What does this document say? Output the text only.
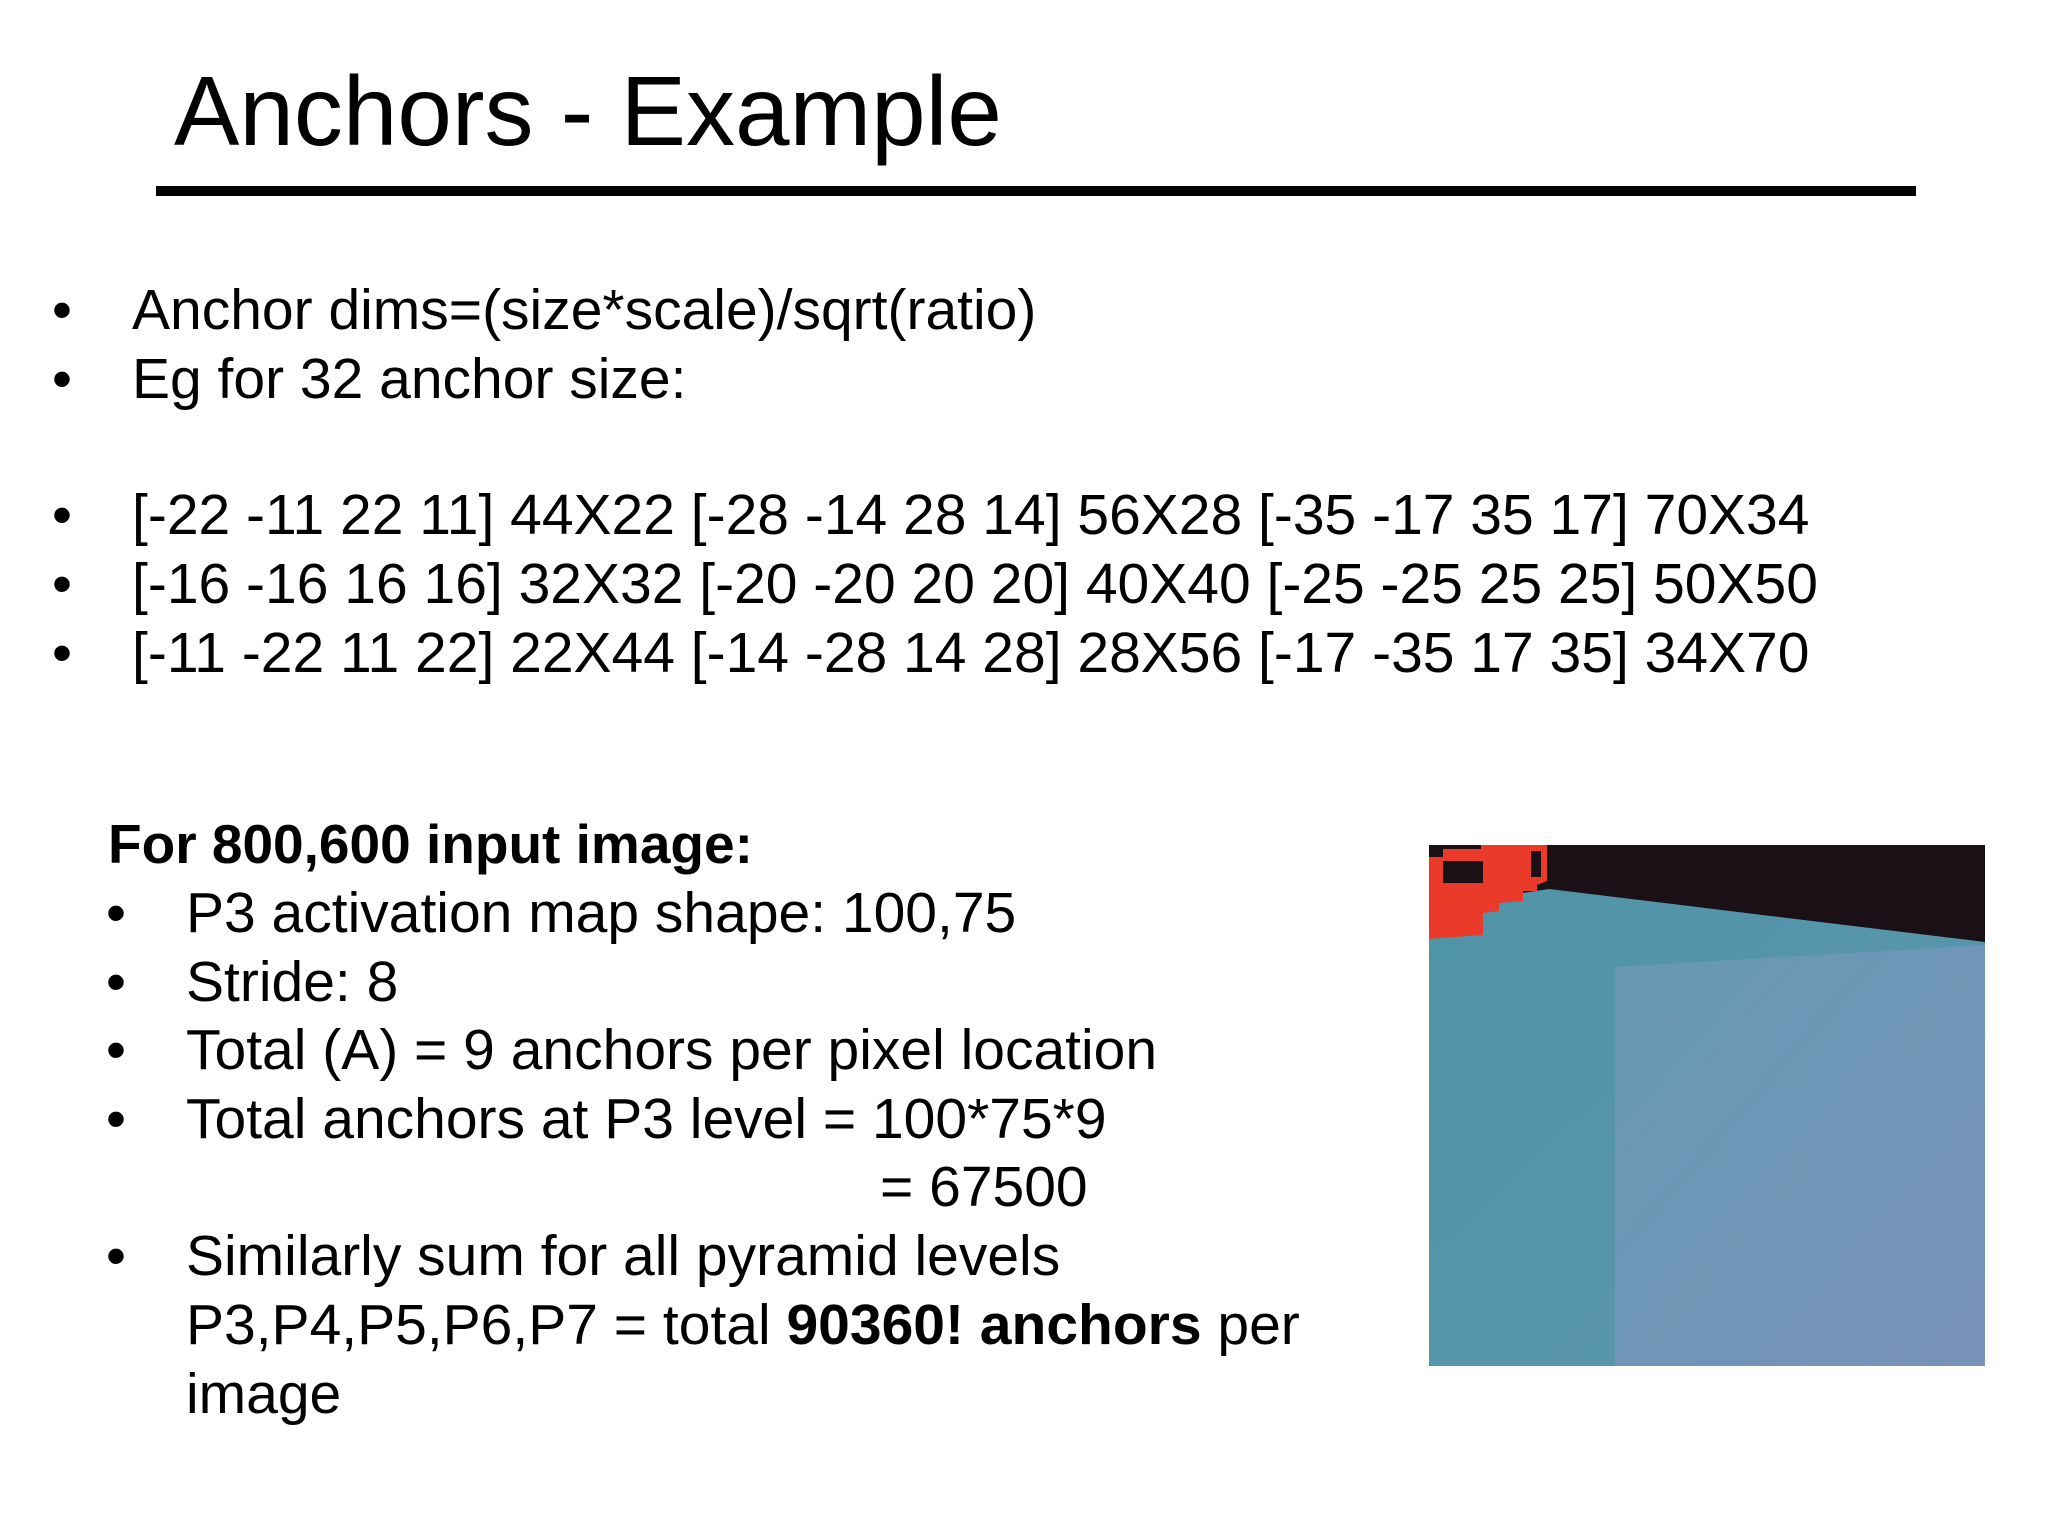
Anchors - Example
• Anchor dims=(size*scale)/sqrt(ratio)
• Eg for 32 anchor size:
• [-22 -11 22 11] 44X22 [-28 -14 28 14] 56X28 [-35 -17 35 17] 70X34
• [-16 -16 16 16] 32X32 [-20 -20 20 20] 40X40 [-25 -25 25 25] 50X50
• [-11 -22 11 22] 22X44 [-14 -28 14 28] 28X56 [-17 -35 17 35] 34X70
For 800,600 input image:
• P3 activation map shape: 100,75
• Stride: 8
• Total (A) = 9 anchors per pixel location
• Total anchors at P3 level = 100*75*9
= 67500
• Similarly sum for all pyramid levels P3,P4,P5,P6,P7 = total 90360! anchors per image
